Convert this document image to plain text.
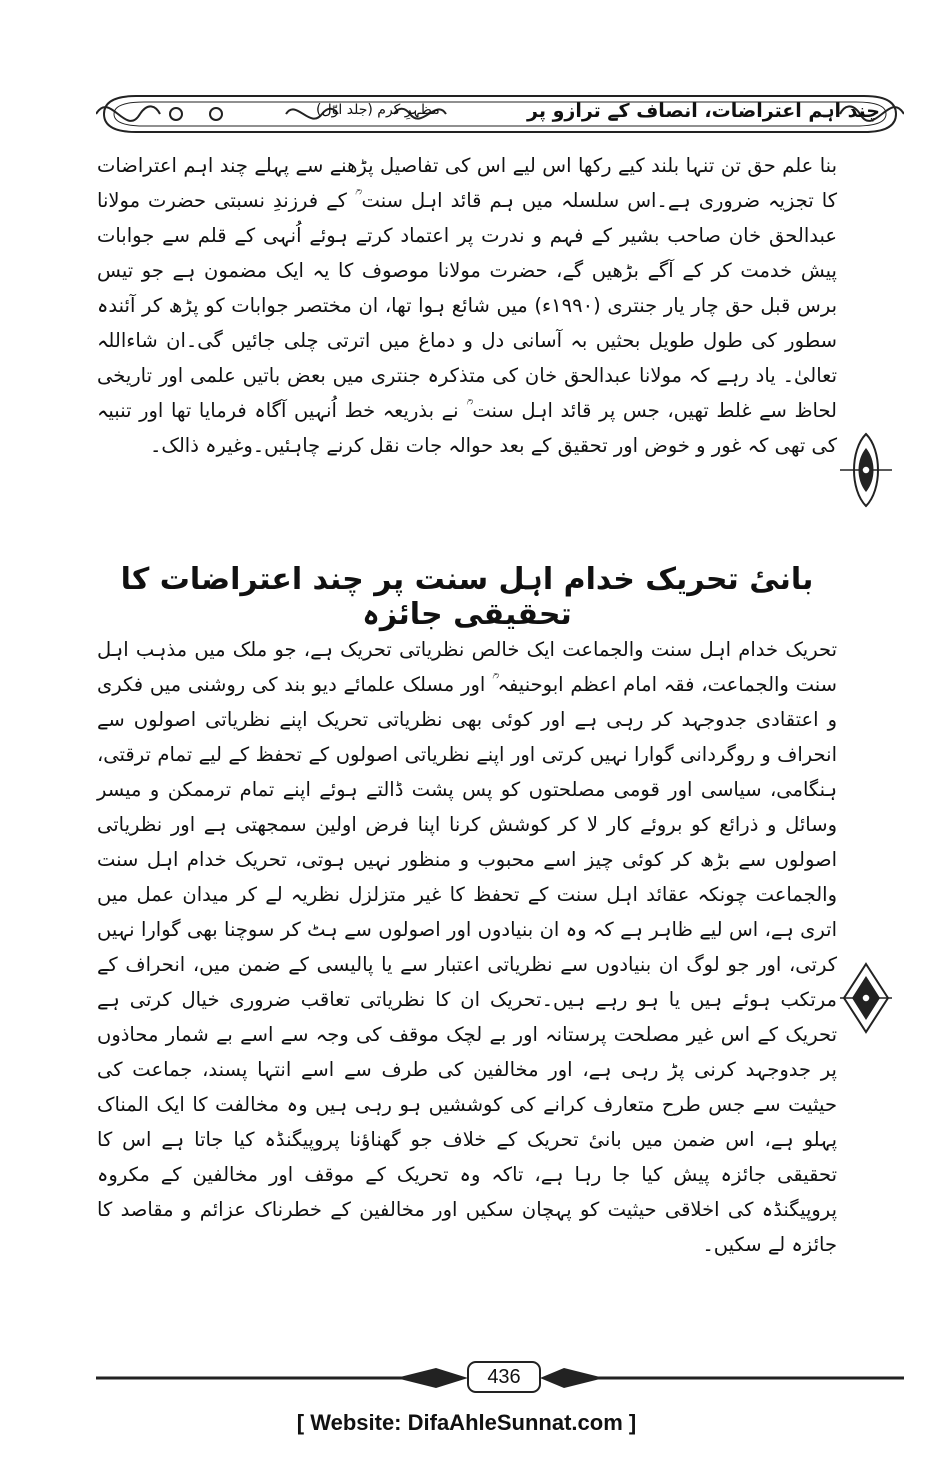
مظہرِ کرم (جلد اوّل)	چند اہم اعتراضات، انصاف کے ترازو پر
بنا علم حق تن تنہا بلند کیے رکھا اس لیے اس کی تفاصیل پڑھنے سے پہلے چند اہم اعتراضات کا تجزیہ ضروری ہے۔اس سلسلہ میں ہم قائد اہل سنت ؒ کے فرزندِ نسبتی حضرت مولانا عبدالحق خان صاحب بشیر کے فہم و ندرت پر اعتماد کرتے ہوئے اُنہی کے قلم سے جوابات پیش خدمت کر کے آگے بڑھیں گے، حضرت مولانا موصوف کا یہ ایک مضمون ہے جو تیس برس قبل حق چار یار جنتری (۱۹۹۰ء) میں شائع ہوا تھا، ان مختصر جوابات کو پڑھ کر آئندہ سطور کی طول طویل بحثیں بہ آسانی دل و دماغ میں اترتی چلی جائیں گی۔ان شاءاللہ تعالیٰ۔ یاد رہے کہ مولانا عبدالحق خان کی متذکرہ جنتری میں بعض باتیں علمی اور تاریخی لحاظ سے غلط تھیں، جس پر قائد اہل سنت ؒ نے بذریعہ خط اُنہیں آگاہ فرمایا تھا اور تنبیہ کی تھی کہ غور و خوض اور تحقیق کے بعد حوالہ جات نقل کرنے چاہئیں۔وغیرہ ذالک۔
بانیٔ تحریک خدام اہل سنت پر چند اعتراضات کا تحقیقی جائزہ
تحریک خدام اہل سنت والجماعت ایک خالص نظریاتی تحریک ہے، جو ملک میں مذہب اہل سنت والجماعت، فقہ امام اعظم ابوحنیفہ ؒ اور مسلک علمائے دیو بند کی روشنی میں فکری و اعتقادی جدوجہد کر رہی ہے اور کوئی بھی نظریاتی تحریک اپنے نظریاتی اصولوں سے انحراف و روگردانی گوارا نہیں کرتی اور اپنے نظریاتی اصولوں کے تحفظ کے لیے تمام ترقتی، ہنگامی، سیاسی اور قومی مصلحتوں کو پس پشت ڈالتے ہوئے اپنے تمام ترممکن و میسر وسائل و ذرائع کو بروئے کار لا کر کوشش کرنا اپنا فرض اولین سمجھتی ہے اور نظریاتی اصولوں سے بڑھ کر کوئی چیز اسے محبوب و منظور نہیں ہوتی، تحریک خدام اہل سنت والجماعت چونکہ عقائد اہل سنت کے تحفظ کا غیر متزلزل نظریہ لے کر میدان عمل میں اتری ہے، اس لیے ظاہر ہے کہ وہ ان بنیادوں اور اصولوں سے ہٹ کر سوچنا بھی گوارا نہیں کرتی، اور جو لوگ ان بنیادوں سے نظریاتی اعتبار سے یا پالیسی کے ضمن میں، انحراف کے مرتکب ہوئے ہیں یا ہو رہے ہیں۔تحریک ان کا نظریاتی تعاقب ضروری خیال کرتی ہے تحریک کے اس غیر مصلحت پرستانہ اور بے لچک موقف کی وجہ سے اسے بے شمار محاذوں پر جدوجہد کرنی پڑ رہی ہے، اور مخالفین کی طرف سے اسے انتہا پسند، جماعت کی حیثیت سے جس طرح متعارف کرانے کی کوششیں ہو رہی ہیں وہ مخالفت کا ایک المناک پہلو ہے، اس ضمن میں بانیٔ تحریک کے خلاف جو گھناؤنا پروپیگنڈہ کیا جاتا ہے اس کا تحقیقی جائزہ پیش کیا جا رہا ہے، تاکہ وہ تحریک کے موقف اور مخالفین کے مکروہ پروپیگنڈہ کی اخلاقی حیثیت کو پہچان سکیں اور مخالفین کے خطرناک عزائم و مقاصد کا جائزہ لے سکیں۔
436
[ Website: DifaAhleSunnat.com ]
